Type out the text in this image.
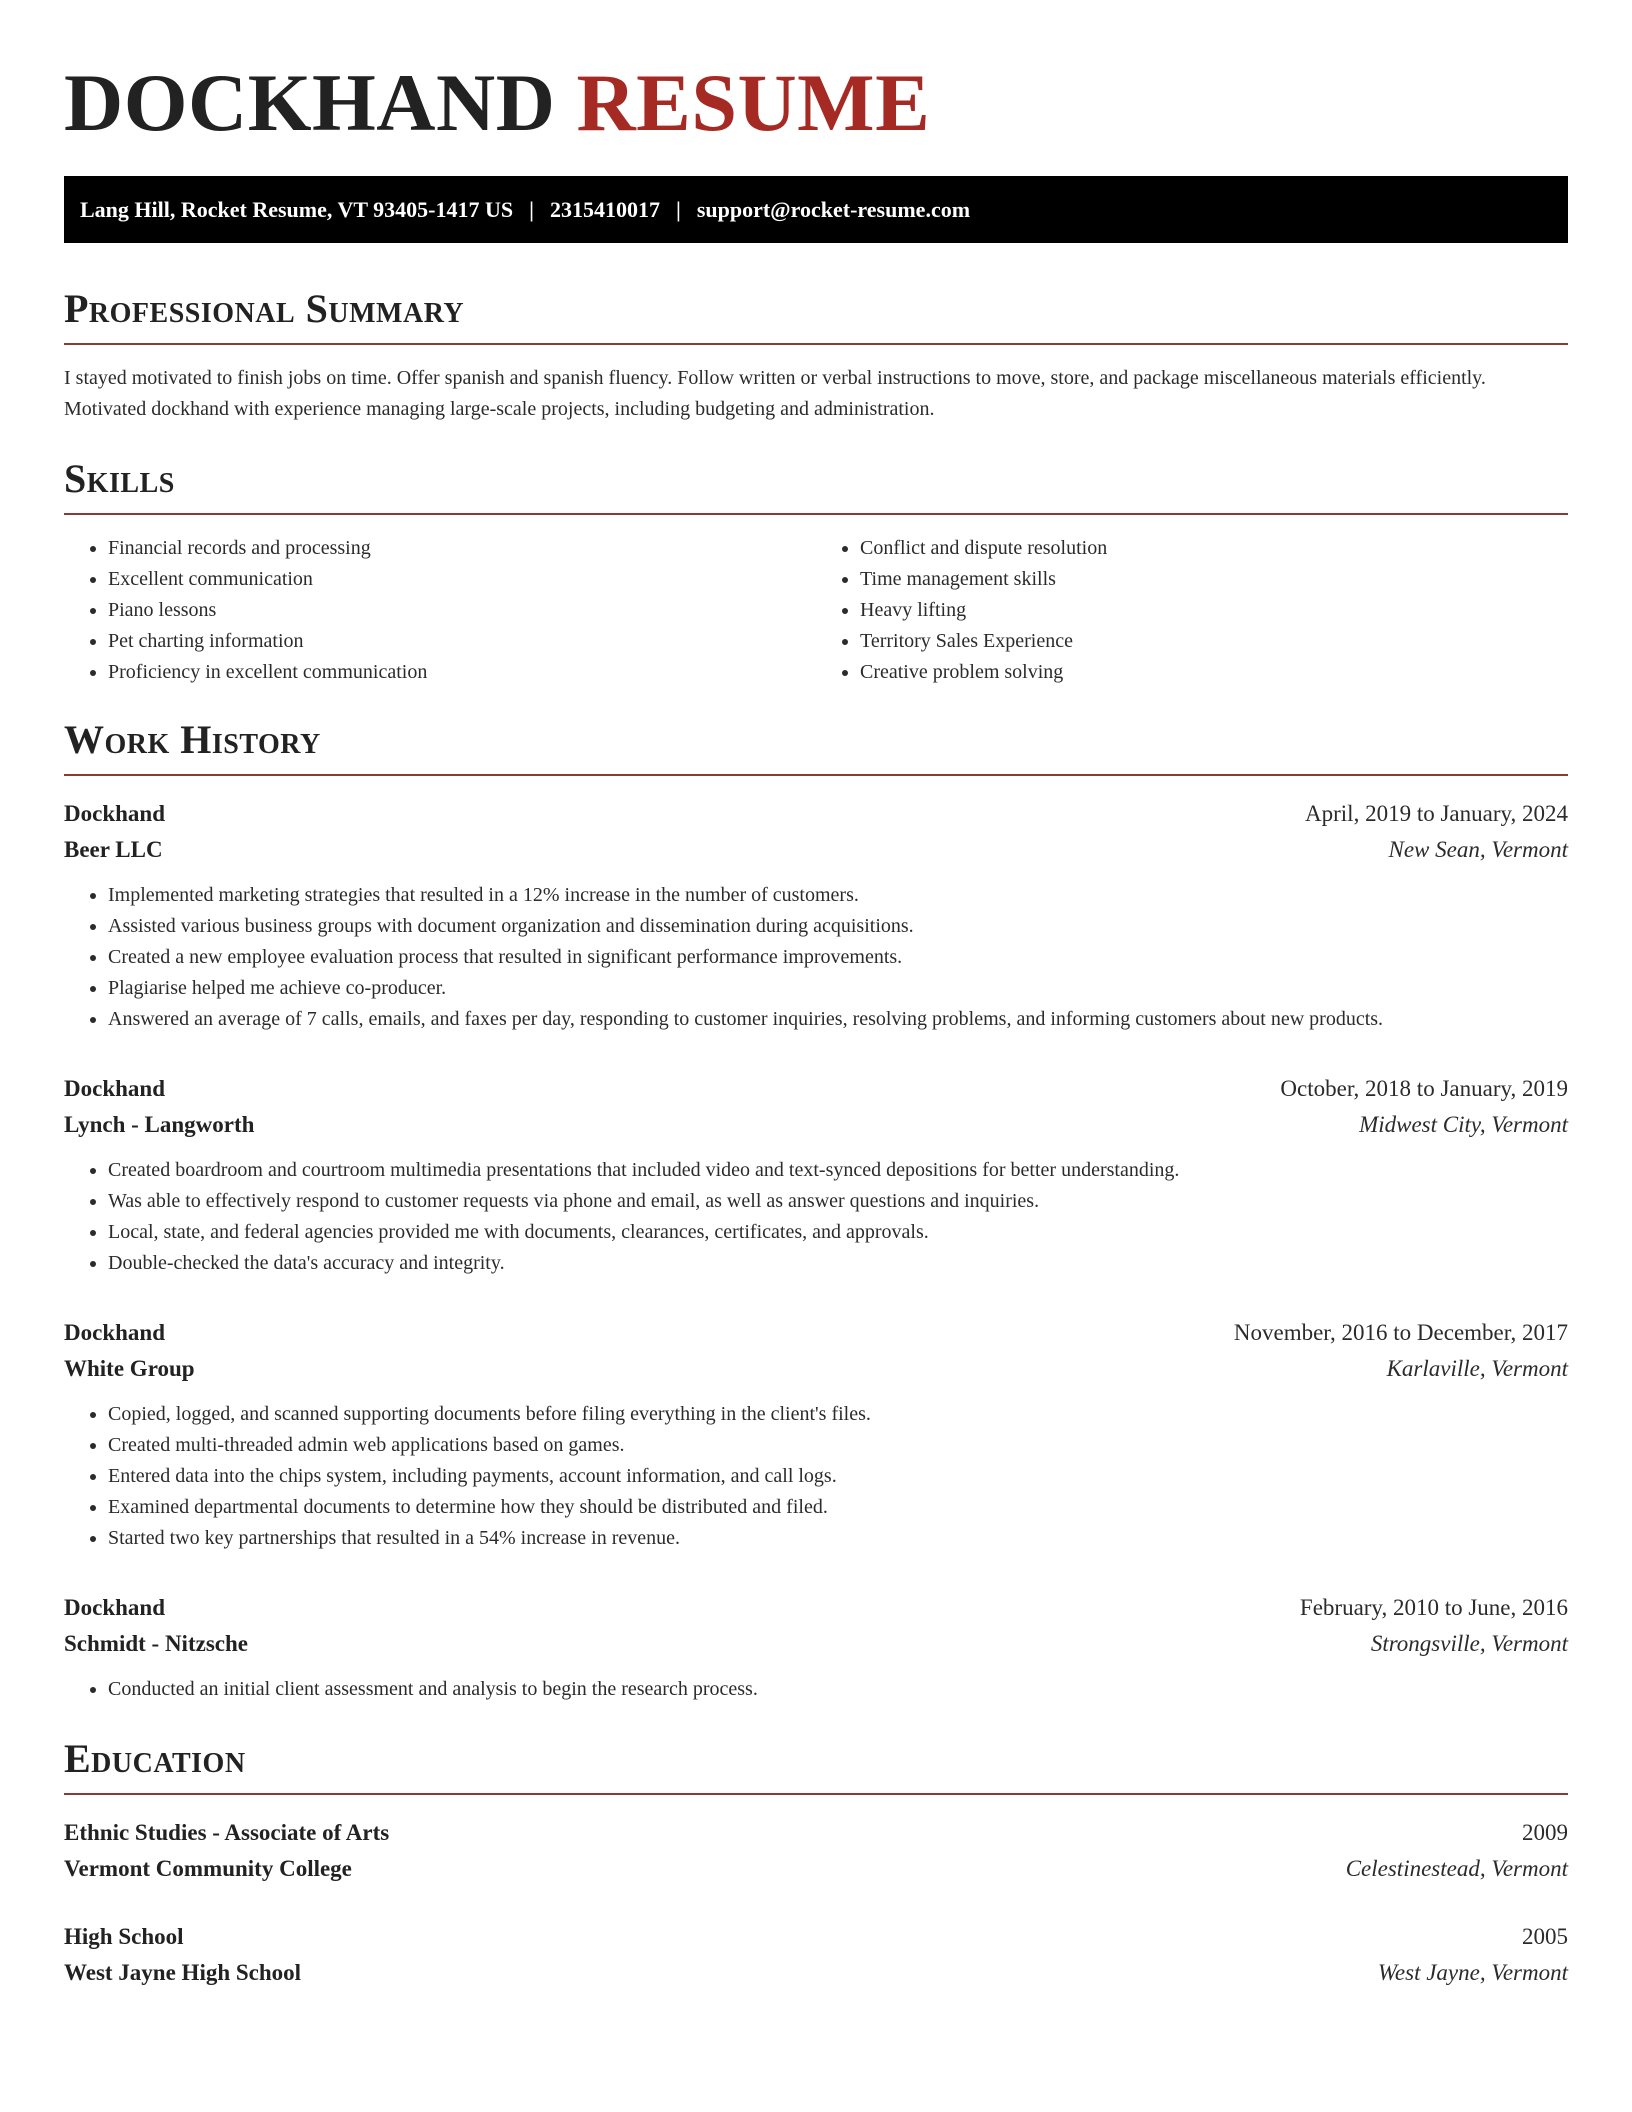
DOCKHAND RESUME
Lang Hill, Rocket Resume, VT 93405-1417 US | 2315410017 | support@rocket-resume.com
Professional Summary

I stayed motivated to finish jobs on time. Offer spanish and spanish fluency. Follow written or verbal instructions to move, store, and package miscellaneous materials efficiently. Motivated dockhand with experience managing large-scale projects, including budgeting and administration.

Skills
• Financial records and processing
• Excellent communication
• Piano lessons
• Pet charting information
• Proficiency in excellent communication
• Conflict and dispute resolution
• Time management skills
• Heavy lifting
• Territory Sales Experience
• Creative problem solving
Work History
Dockhand	April, 2019 to January, 2024
Beer LLC	New Sean, Vermont
• Implemented marketing strategies that resulted in a 12% increase in the number of customers.
• Assisted various business groups with document organization and dissemination during acquisitions.
• Created a new employee evaluation process that resulted in significant performance improvements.
• Plagiarise helped me achieve co-producer.
• Answered an average of 7 calls, emails, and faxes per day, responding to customer inquiries, resolving problems, and informing customers about new products.
Dockhand	October, 2018 to January, 2019
Lynch - Langworth	Midwest City, Vermont
• Created boardroom and courtroom multimedia presentations that included video and text-synced depositions for better understanding.
• Was able to effectively respond to customer requests via phone and email, as well as answer questions and inquiries.
• Local, state, and federal agencies provided me with documents, clearances, certificates, and approvals.
• Double-checked the data's accuracy and integrity.
Dockhand	November, 2016 to December, 2017
White Group	Karlaville, Vermont
• Copied, logged, and scanned supporting documents before filing everything in the client's files.
• Created multi-threaded admin web applications based on games.
• Entered data into the chips system, including payments, account information, and call logs.
• Examined departmental documents to determine how they should be distributed and filed.
• Started two key partnerships that resulted in a 54% increase in revenue.
Dockhand	February, 2010 to June, 2016
Schmidt - Nitzsche	Strongsville, Vermont
• Conducted an initial client assessment and analysis to begin the research process.
Education
Ethnic Studies - Associate of Arts	2009
Vermont Community College	Celestinestead, Vermont
High School	2005
West Jayne High School	West Jayne, Vermont
